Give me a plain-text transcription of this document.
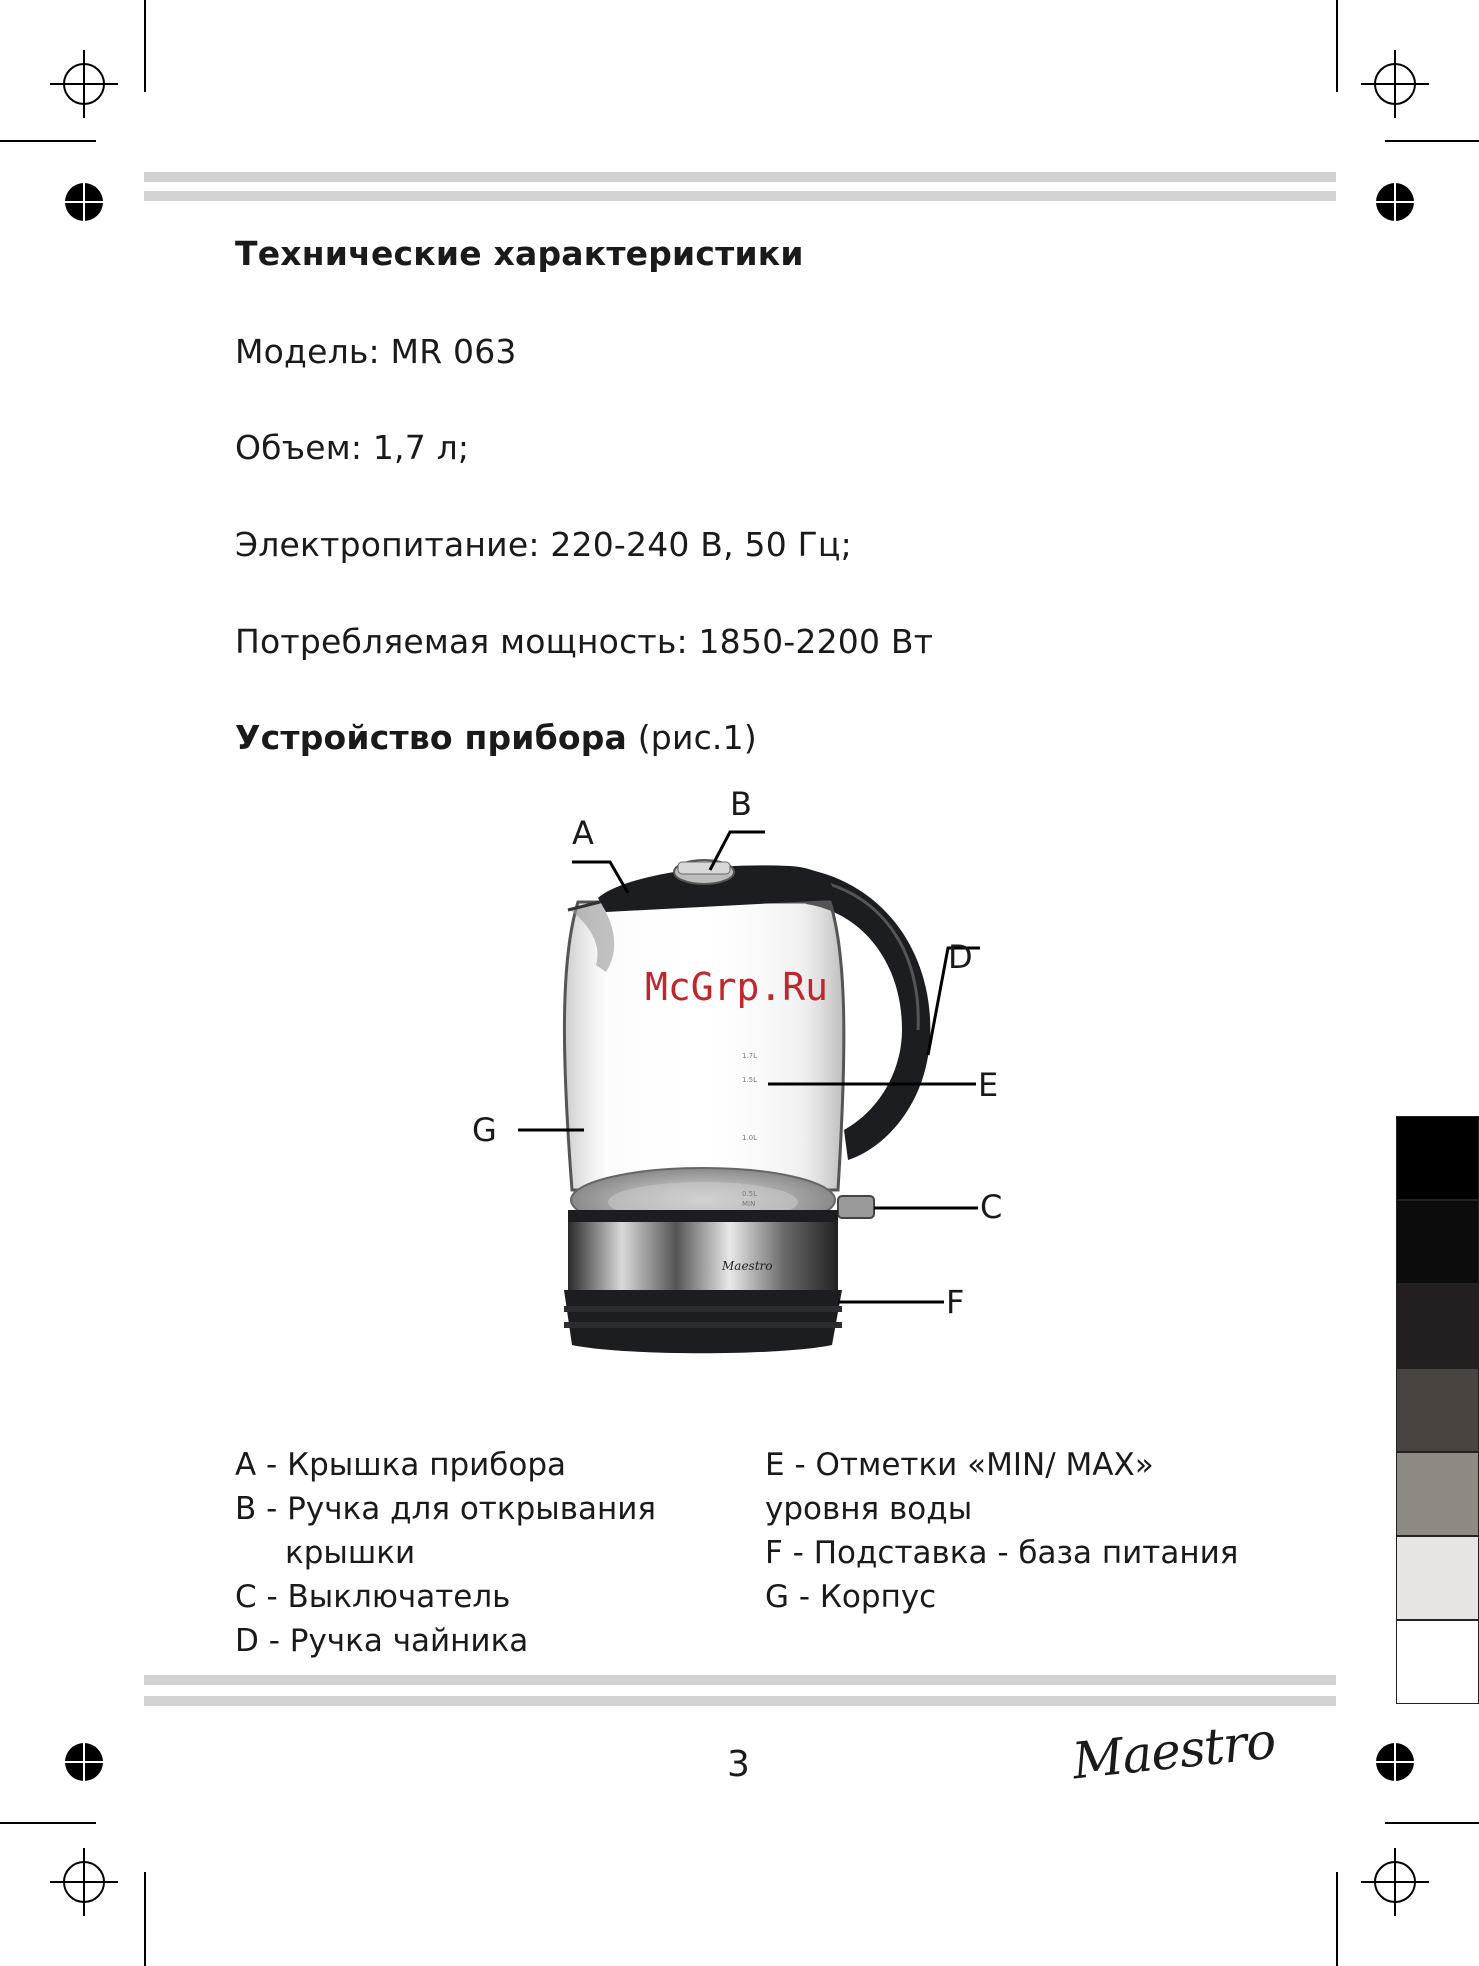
Технические характеристики
Модель: MR 063
Объем: 1,7 л;
Электропитание: 220-240 В, 50 Гц;
Потребляемая мощность: 1850-2200 Вт
Устройство прибора (рис.1)
1.7L
1.5L
1.0L
0.5L
MIN
Maestro
McGrp.Ru
A
B
D
E
C
F
G
A - Крышка прибора
B - Ручка для открывания
крышки
C - Выключатель
D - Ручка чайника
E - Отметки «MIN/ MAX»
уровня воды
F - Подставка - база питания
G - Корпус
3	Maestro
